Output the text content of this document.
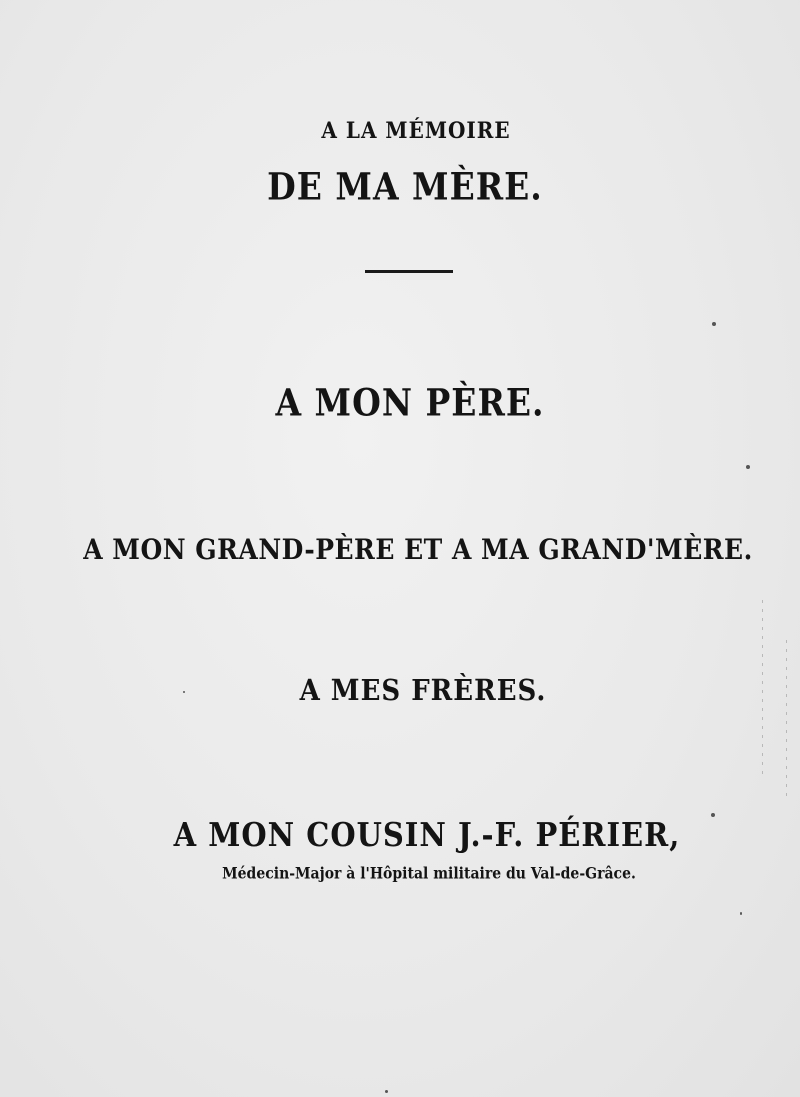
A LA MÉMOIRE
DE MA MÈRE.
A MON PÈRE.
A MON GRAND-PÈRE ET A MA GRAND'MÈRE.
A MES FRÈRES.
A MON COUSIN J.-F. PÉRIER,
Médecin-Major à l'Hôpital militaire du Val-de-Grâce.
